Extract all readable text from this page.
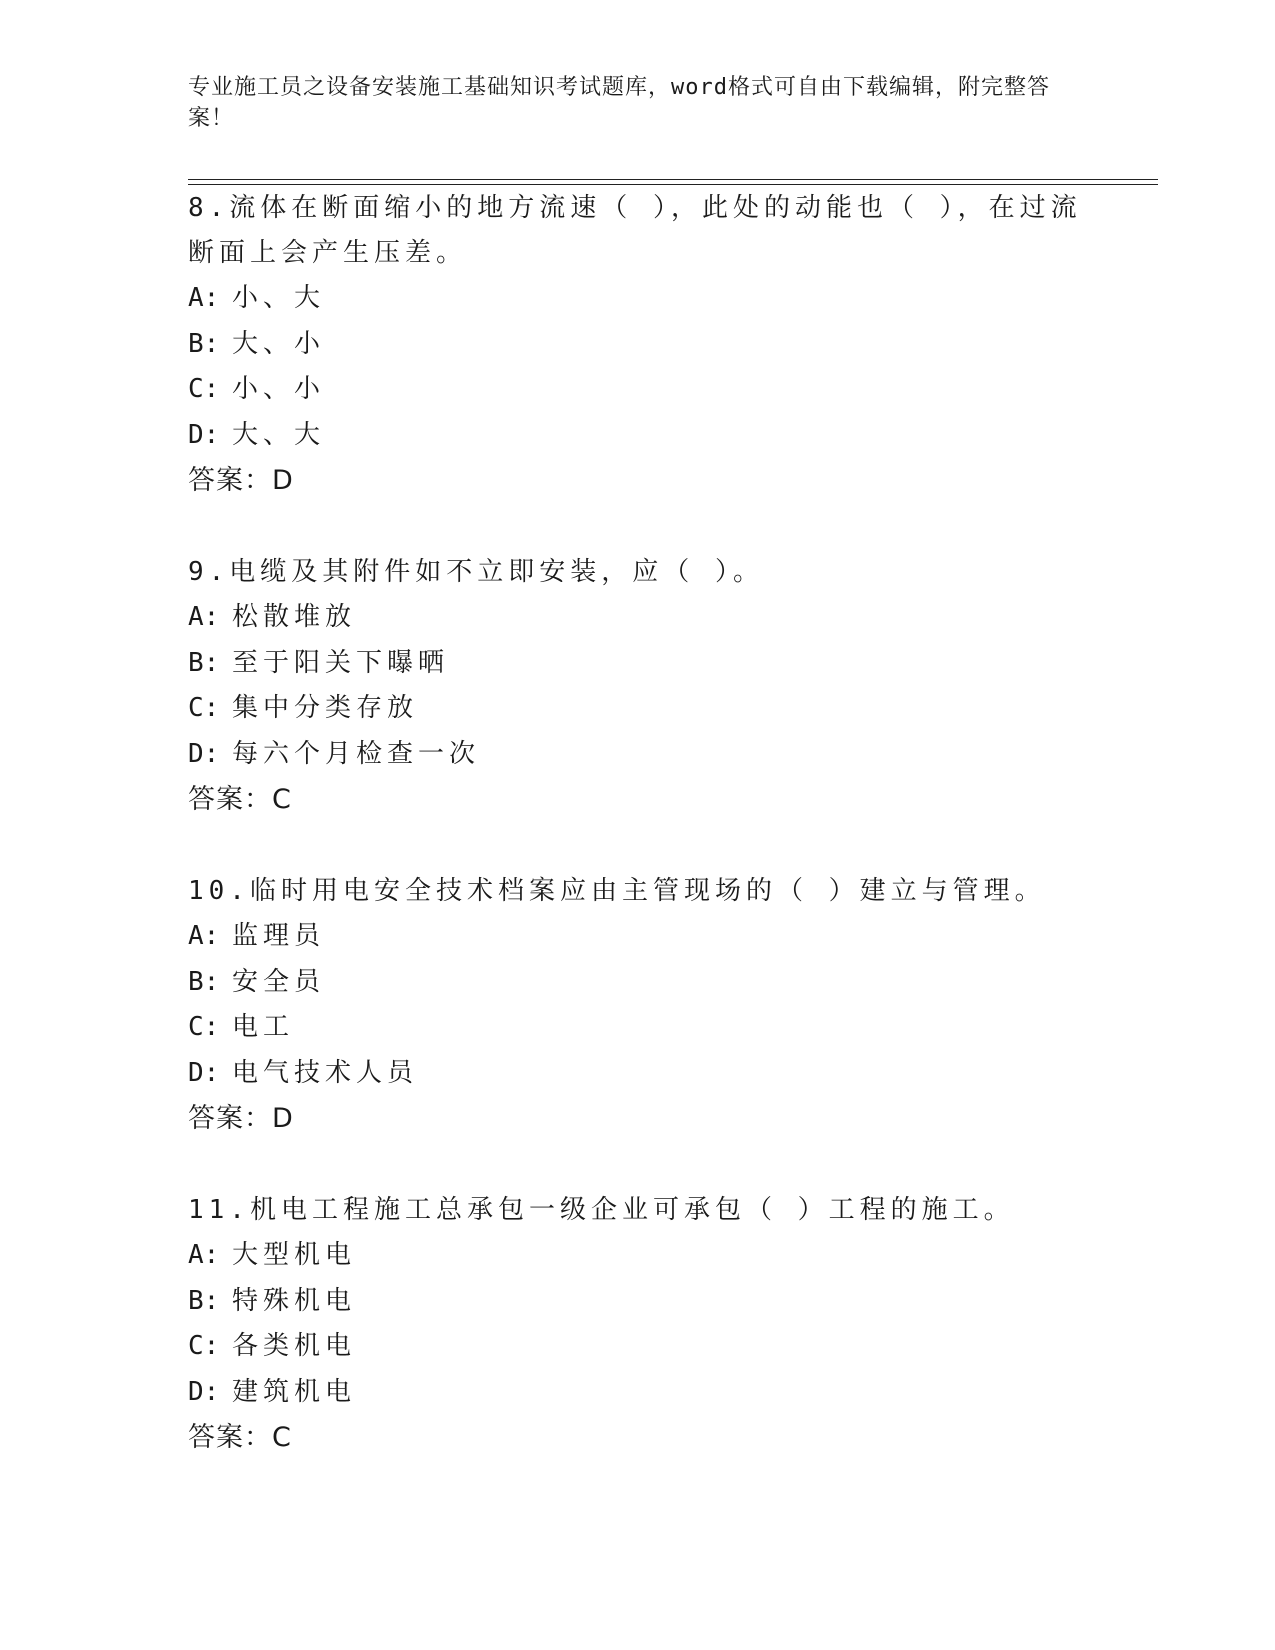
专业施工员之设备安装施工基础知识考试题库，word格式可自由下载编辑，附完整答案！

8.流体在断面缩小的地方流速（ ），此处的动能也（ ），在过流断面上会产生压差。

A: 小、大
B: 大、小
C: 小、小
D: 大、大
答案：D

9.电缆及其附件如不立即安装，应（ ）。

A: 松散堆放
B: 至于阳关下曝晒
C: 集中分类存放
D: 每六个月检查一次
答案：C

10.临时用电安全技术档案应由主管现场的（ ）建立与管理。

A: 监理员
B: 安全员
C: 电工
D: 电气技术人员
答案：D

11.机电工程施工总承包一级企业可承包（ ）工程的施工。

A: 大型机电
B: 特殊机电
C: 各类机电
D: 建筑机电
答案：C
